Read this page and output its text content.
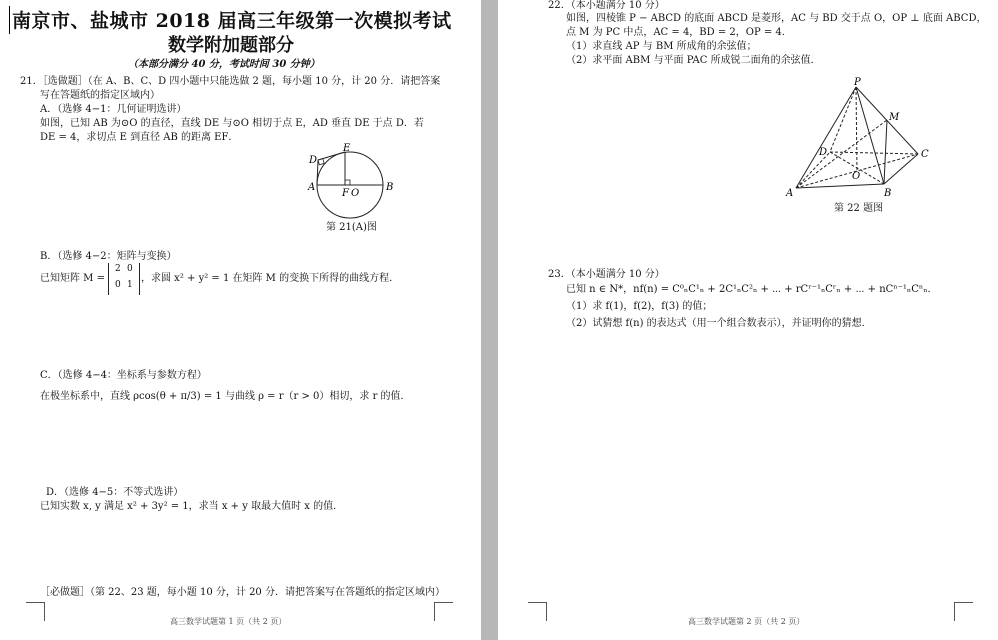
南京市、盐城市 2018 届高三年级第一次模拟考试
数学附加题部分
（本部分满分 40 分，考试时间 30 分钟）
21．［选做题］（在 A、B、C、D 四小题中只能选做 2 题，每小题 10 分，计 20 分．请把答案
写在答题纸的指定区域内）
A．（选修 4−1：几何证明选讲）
如图，已知 AB 为⊙O 的直径，直线 DE 与⊙O 相切于点 E，AD 垂直 DE 于点 D．若
DE = 4，求切点 E 到直径 AB 的距离 EF．
D
E
A
F O
B
第 21(A)图
B．（选修 4−2：矩阵与变换）
已知矩阵 M =
2 0
0 1
，求圆 x² + y² = 1 在矩阵 M 的变换下所得的曲线方程．
C．（选修 4−4：坐标系与参数方程）
在极坐标系中，直线 ρcos(θ + π/3) = 1 与曲线 ρ = r（r > 0）相切，求 r 的值．
D．（选修 4−5：不等式选讲）
已知实数 x, y 满足 x² + 3y² = 1，求当 x + y 取最大值时 x 的值．
［必做题］（第 22、23 题，每小题 10 分，计 20 分．请把答案写在答题纸的指定区域内）
高三数学试题第 1 页（共 2 页）
22．（本小题满分 10 分）
如图，四棱锥 P − ABCD 的底面 ABCD 是菱形，AC 与 BD 交于点 O，OP ⊥ 底面 ABCD，
点 M 为 PC 中点，AC = 4，BD = 2，OP = 4．
（1）求直线 AP 与 BM 所成角的余弦值；
（2）求平面 ABM 与平面 PAC 所成锐二面角的余弦值．
P
M
D	C
O
A	B
第 22 题图
23．（本小题满分 10 分）
已知 n ∈ N*，nf(n) = C⁰ₙC¹ₙ + 2C¹ₙC²ₙ + ⋯ + rCʳ⁻¹ₙCʳₙ + ⋯ + nCⁿ⁻¹ₙCⁿₙ．
（1）求 f(1)，f(2)，f(3) 的值；
（2）试猜想 f(n) 的表达式（用一个组合数表示），并证明你的猜想．
高三数学试题第 2 页（共 2 页）
